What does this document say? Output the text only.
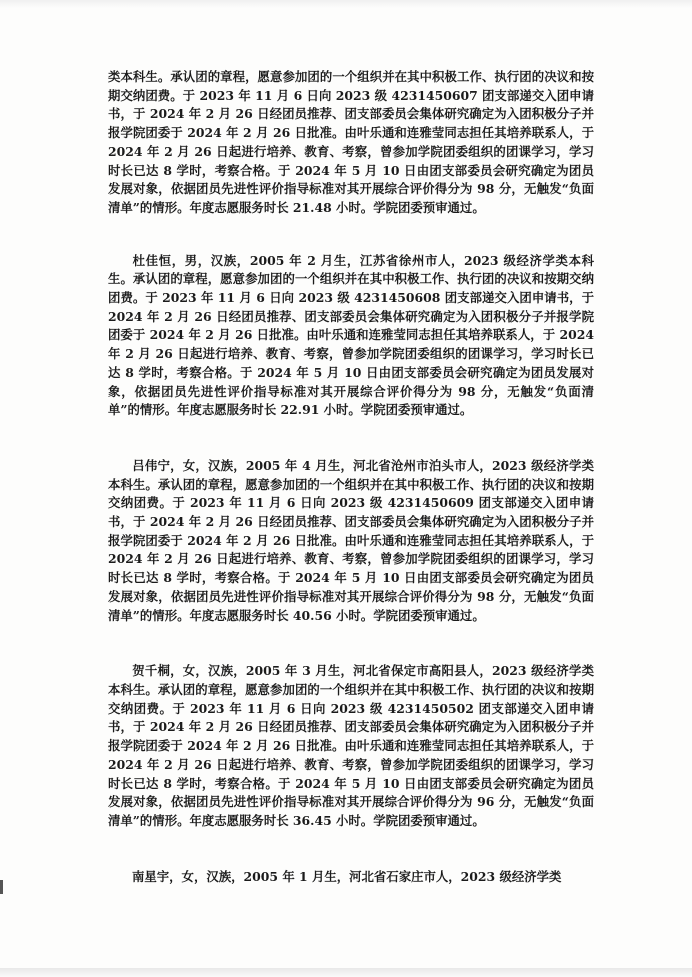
类本科生。承认团的章程，愿意参加团的一个组织并在其中积极工作、执行团的决议和按期交纳团费。于 2023 年 11 月 6 日向 2023 级 4231450607 团支部递交入团申请书，于 2024 年 2 月 26 日经团员推荐、团支部委员会集体研究确定为入团积极分子并报学院团委于 2024 年 2 月 26 日批准。由叶乐通和连雅莹同志担任其培养联系人，于 2024 年 2 月 26 日起进行培养、教育、考察，曾参加学院团委组织的团课学习，学习时长已达 8 学时，考察合格。于 2024 年 5 月 10 日由团支部委员会研究确定为团员发展对象，依据团员先进性评价指导标准对其开展综合评价得分为 98 分，无触发“负面清单”的情形。年度志愿服务时长 21.48 小时。学院团委预审通过。

杜佳恒，男，汉族，2005 年 2 月生，江苏省徐州市人，2023 级经济学类本科生。承认团的章程，愿意参加团的一个组织并在其中积极工作、执行团的决议和按期交纳团费。于 2023 年 11 月 6 日向 2023 级 4231450608 团支部递交入团申请书，于 2024 年 2 月 26 日经团员推荐、团支部委员会集体研究确定为入团积极分子并报学院团委于 2024 年 2 月 26 日批准。由叶乐通和连雅莹同志担任其培养联系人，于 2024 年 2 月 26 日起进行培养、教育、考察，曾参加学院团委组织的团课学习，学习时长已达 8 学时，考察合格。于 2024 年 5 月 10 日由团支部委员会研究确定为团员发展对象，依据团员先进性评价指导标准对其开展综合评价得分为 98 分，无触发“负面清单”的情形。年度志愿服务时长 22.91 小时。学院团委预审通过。

吕伟宁，女，汉族，2005 年 4 月生，河北省沧州市泊头市人，2023 级经济学类本科生。承认团的章程，愿意参加团的一个组织并在其中积极工作、执行团的决议和按期交纳团费。于 2023 年 11 月 6 日向 2023 级 4231450609 团支部递交入团申请书，于 2024 年 2 月 26 日经团员推荐、团支部委员会集体研究确定为入团积极分子并报学院团委于 2024 年 2 月 26 日批准。由叶乐通和连雅莹同志担任其培养联系人，于 2024 年 2 月 26 日起进行培养、教育、考察，曾参加学院团委组织的团课学习，学习时长已达 8 学时，考察合格。于 2024 年 5 月 10 日由团支部委员会研究确定为团员发展对象，依据团员先进性评价指导标准对其开展综合评价得分为 98 分，无触发“负面清单”的情形。年度志愿服务时长 40.56 小时。学院团委预审通过。

贺千桐，女，汉族，2005 年 3 月生，河北省保定市高阳县人，2023 级经济学类本科生。承认团的章程，愿意参加团的一个组织并在其中积极工作、执行团的决议和按期交纳团费。于 2023 年 11 月 6 日向 2023 级 4231450502 团支部递交入团申请书，于 2024 年 2 月 26 日经团员推荐、团支部委员会集体研究确定为入团积极分子并报学院团委于 2024 年 2 月 26 日批准。由叶乐通和连雅莹同志担任其培养联系人，于 2024 年 2 月 26 日起进行培养、教育、考察，曾参加学院团委组织的团课学习，学习时长已达 8 学时，考察合格。于 2024 年 5 月 10 日由团支部委员会研究确定为团员发展对象，依据团员先进性评价指导标准对其开展综合评价得分为 96 分，无触发“负面清单”的情形。年度志愿服务时长 36.45 小时。学院团委预审通过。

南星宇，女，汉族，2005 年 1 月生，河北省石家庄市人，2023 级经济学类
